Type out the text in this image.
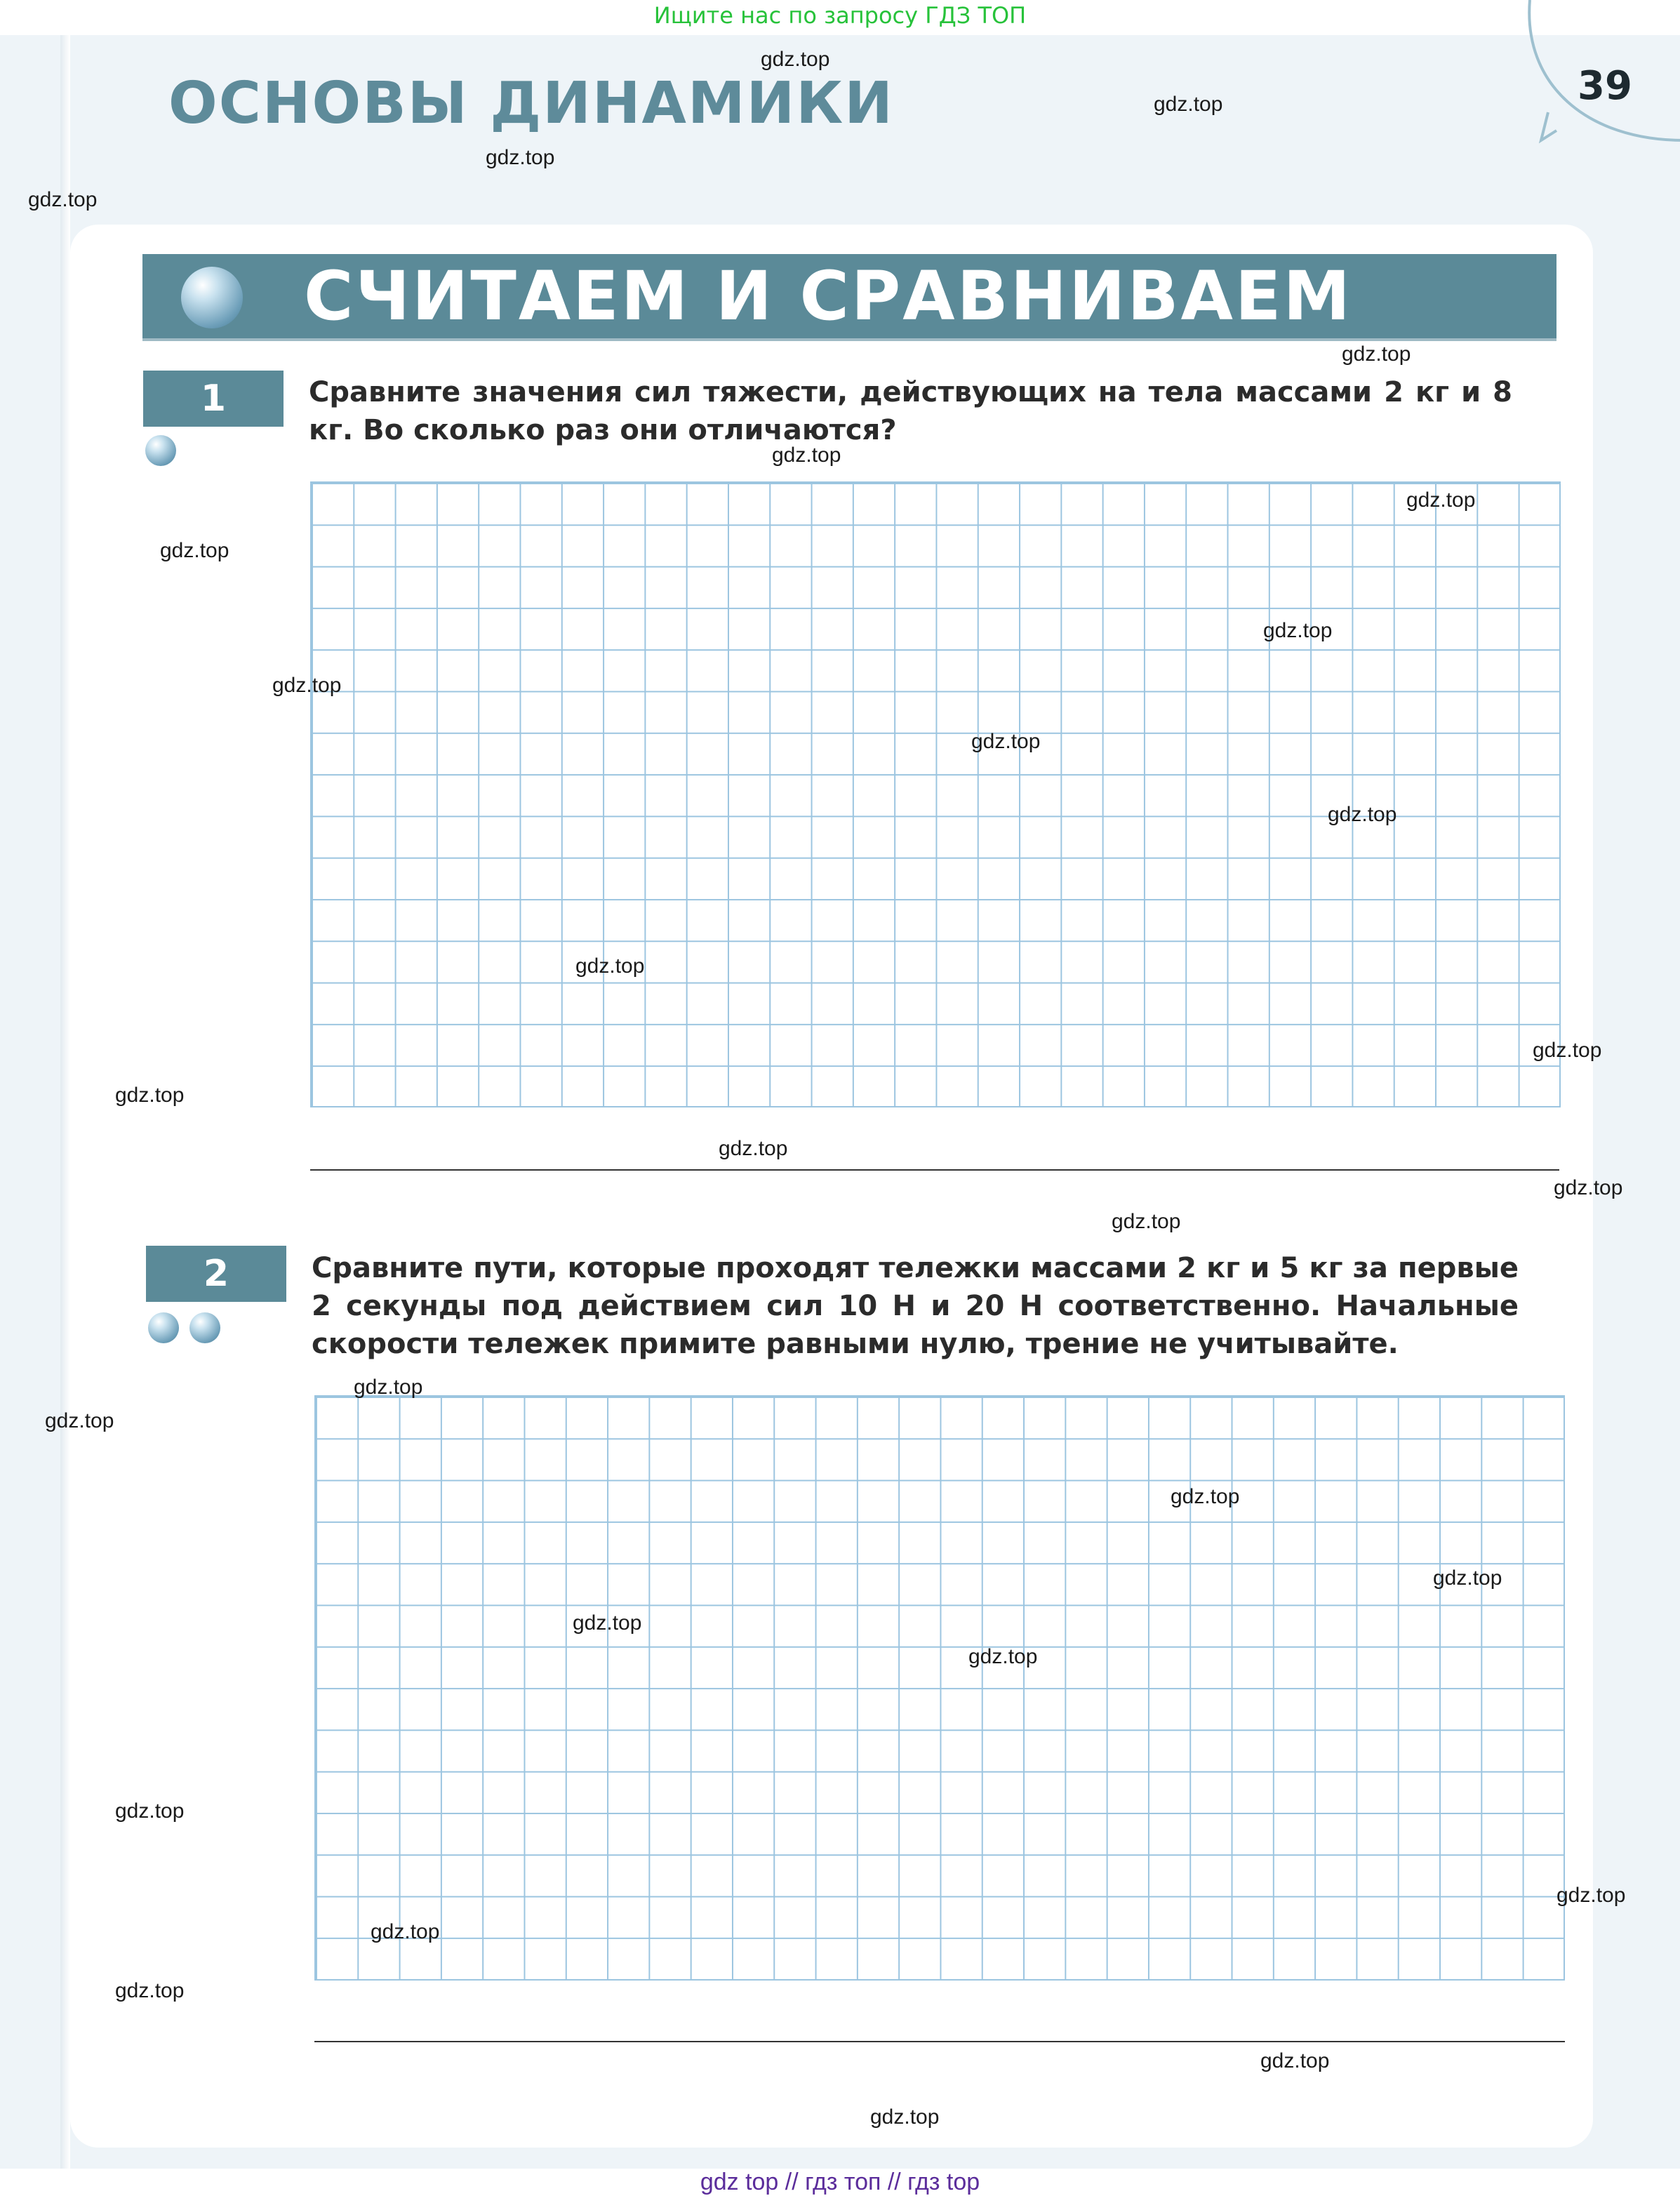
Ищите нас по запросу ГДЗ ТОП
ОСНОВЫ ДИНАМИКИ	39
СЧИТАЕМ И СРАВНИВАЕМ
1	Сравните значения сил тяжести, действующих на тела массами 2 кг и 8 кг. Во сколько раз они отличаются?

2	Сравните пути, которые проходят тележки массами 2 кг и 5 кг за первые 2 секунды под действием сил 10 Н и 20 Н соответственно. Начальные скорости тележек примите равными нулю, трение не учитывайте.

gdz.top
gdz.top
gdz.top
gdz.top
gdz.top
gdz.top
gdz.top
gdz.top
gdz.top
gdz.top
gdz.top
gdz.top
gdz.top
gdz.top
gdz.top
gdz.top
gdz.top
gdz.top
gdz.top
gdz.top
gdz.top
gdz.top
gdz.top
gdz.top
gdz.top
gdz.top
gdz.top
gdz.top
gdz.top
gdz.top
gdz top // гдз топ // гдз top
